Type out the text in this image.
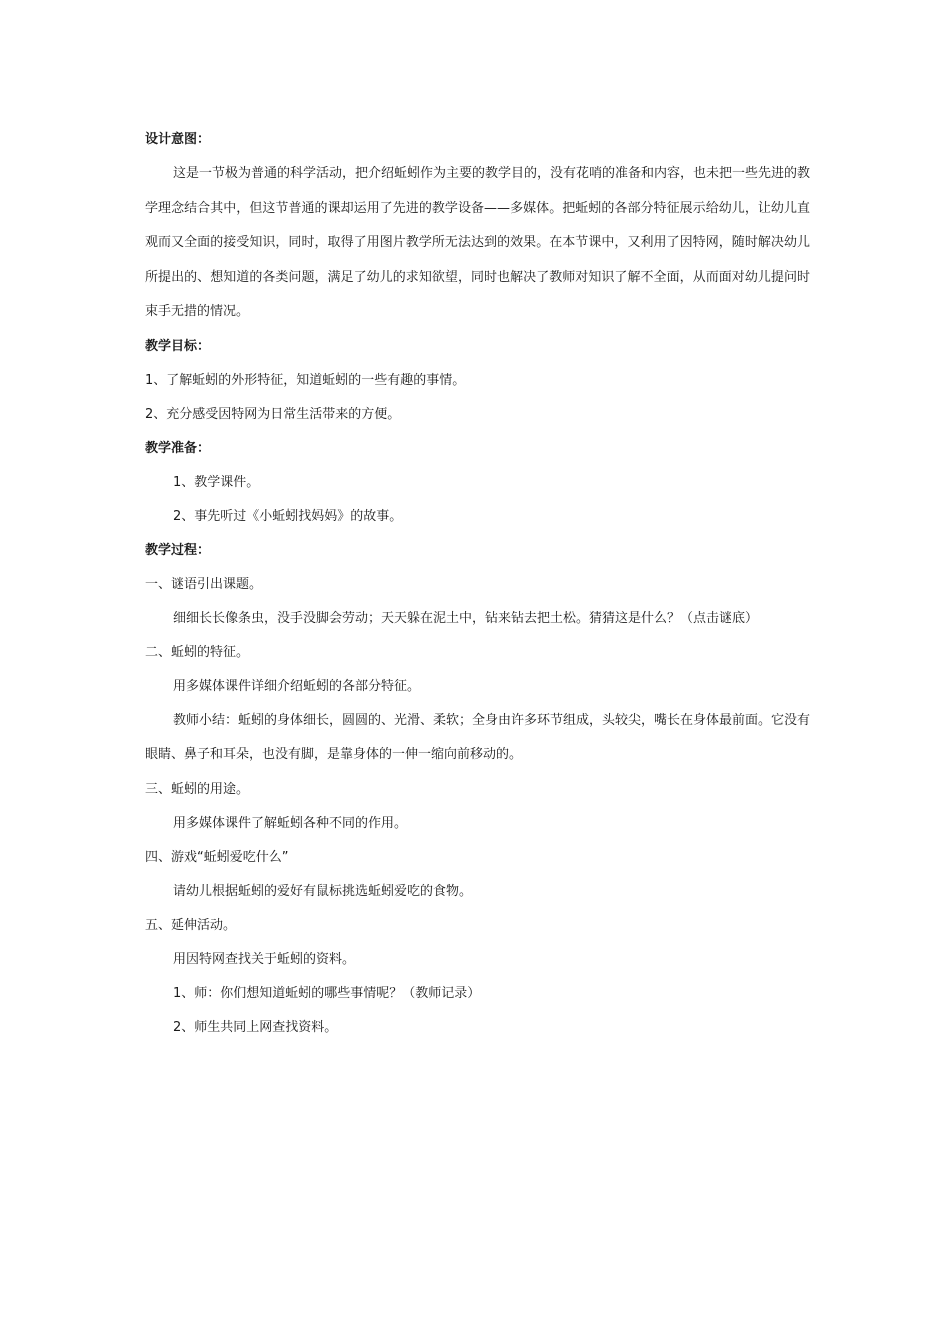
设计意图：
这是一节极为普通的科学活动，把介绍蚯蚓作为主要的教学目的，没有花哨的准备和内容，也未把一些先进的教学理念结合其中，但这节普通的课却运用了先进的教学设备——多媒体。把蚯蚓的各部分特征展示给幼儿，让幼儿直观而又全面的接受知识，同时，取得了用图片教学所无法达到的效果。在本节课中，又利用了因特网，随时解决幼儿所提出的、想知道的各类问题，满足了幼儿的求知欲望，同时也解决了教师对知识了解不全面，从而面对幼儿提问时束手无措的情况。
教学目标：
1、了解蚯蚓的外形特征，知道蚯蚓的一些有趣的事情。
2、充分感受因特网为日常生活带来的方便。
教学准备：
1、教学课件。
2、事先听过《小蚯蚓找妈妈》的故事。
教学过程：
一、谜语引出课题。
细细长长像条虫，没手没脚会劳动；天天躲在泥土中，钻来钻去把土松。猜猜这是什么？（点击谜底）
二、蚯蚓的特征。
用多媒体课件详细介绍蚯蚓的各部分特征。
教师小结：蚯蚓的身体细长，圆圆的、光滑、柔软；全身由许多环节组成，头较尖，嘴长在身体最前面。它没有眼睛、鼻子和耳朵，也没有脚，是靠身体的一伸一缩向前移动的。
三、蚯蚓的用途。
用多媒体课件了解蚯蚓各种不同的作用。
四、游戏“蚯蚓爱吃什么”
请幼儿根据蚯蚓的爱好有鼠标挑选蚯蚓爱吃的食物。
五、延伸活动。
用因特网查找关于蚯蚓的资料。
1、师：你们想知道蚯蚓的哪些事情呢？（教师记录）
2、师生共同上网查找资料。
